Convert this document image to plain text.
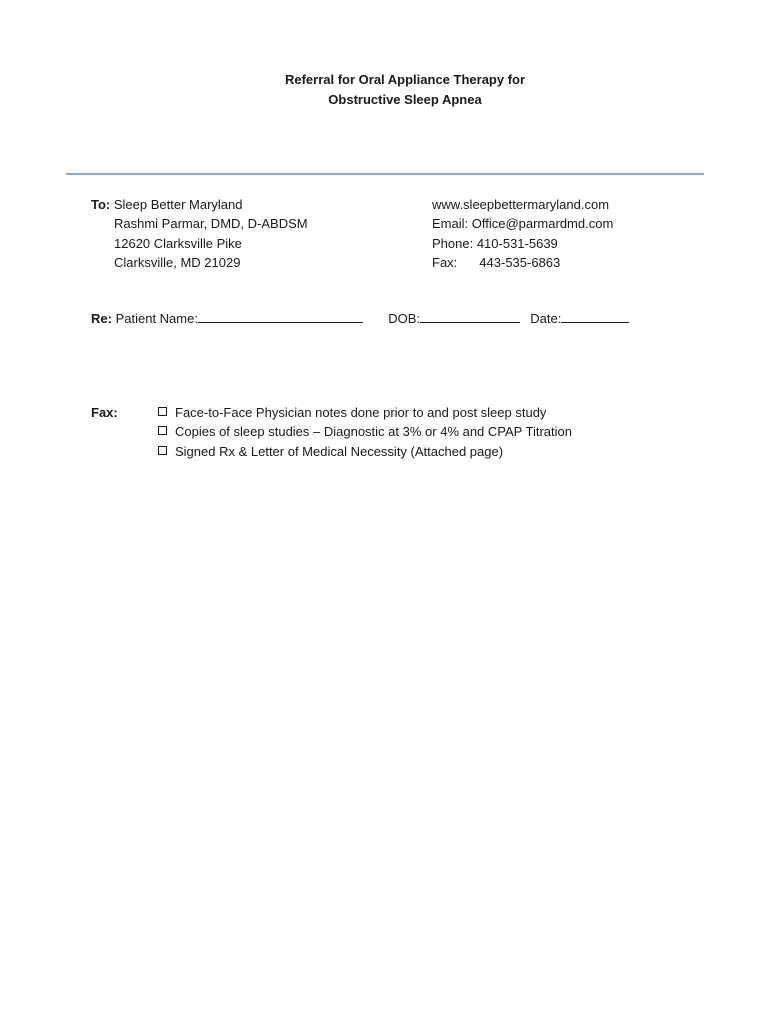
Referral for Oral Appliance Therapy for
Obstructive Sleep Apnea
To: Sleep Better Maryland
Rashmi Parmar, DMD, D-ABDSM
12620 Clarksville Pike
Clarksville, MD 21029
www.sleepbettermaryland.com
Email: Office@parmardmd.com
Phone: 410-531-5639
Fax: 443-535-6863
Re: Patient Name:	DOB:	Date:
Fax:	Face-to-Face Physician notes done prior to and post sleep study
Copies of sleep studies – Diagnostic at 3% or 4% and CPAP Titration
Signed Rx & Letter of Medical Necessity (Attached page)
